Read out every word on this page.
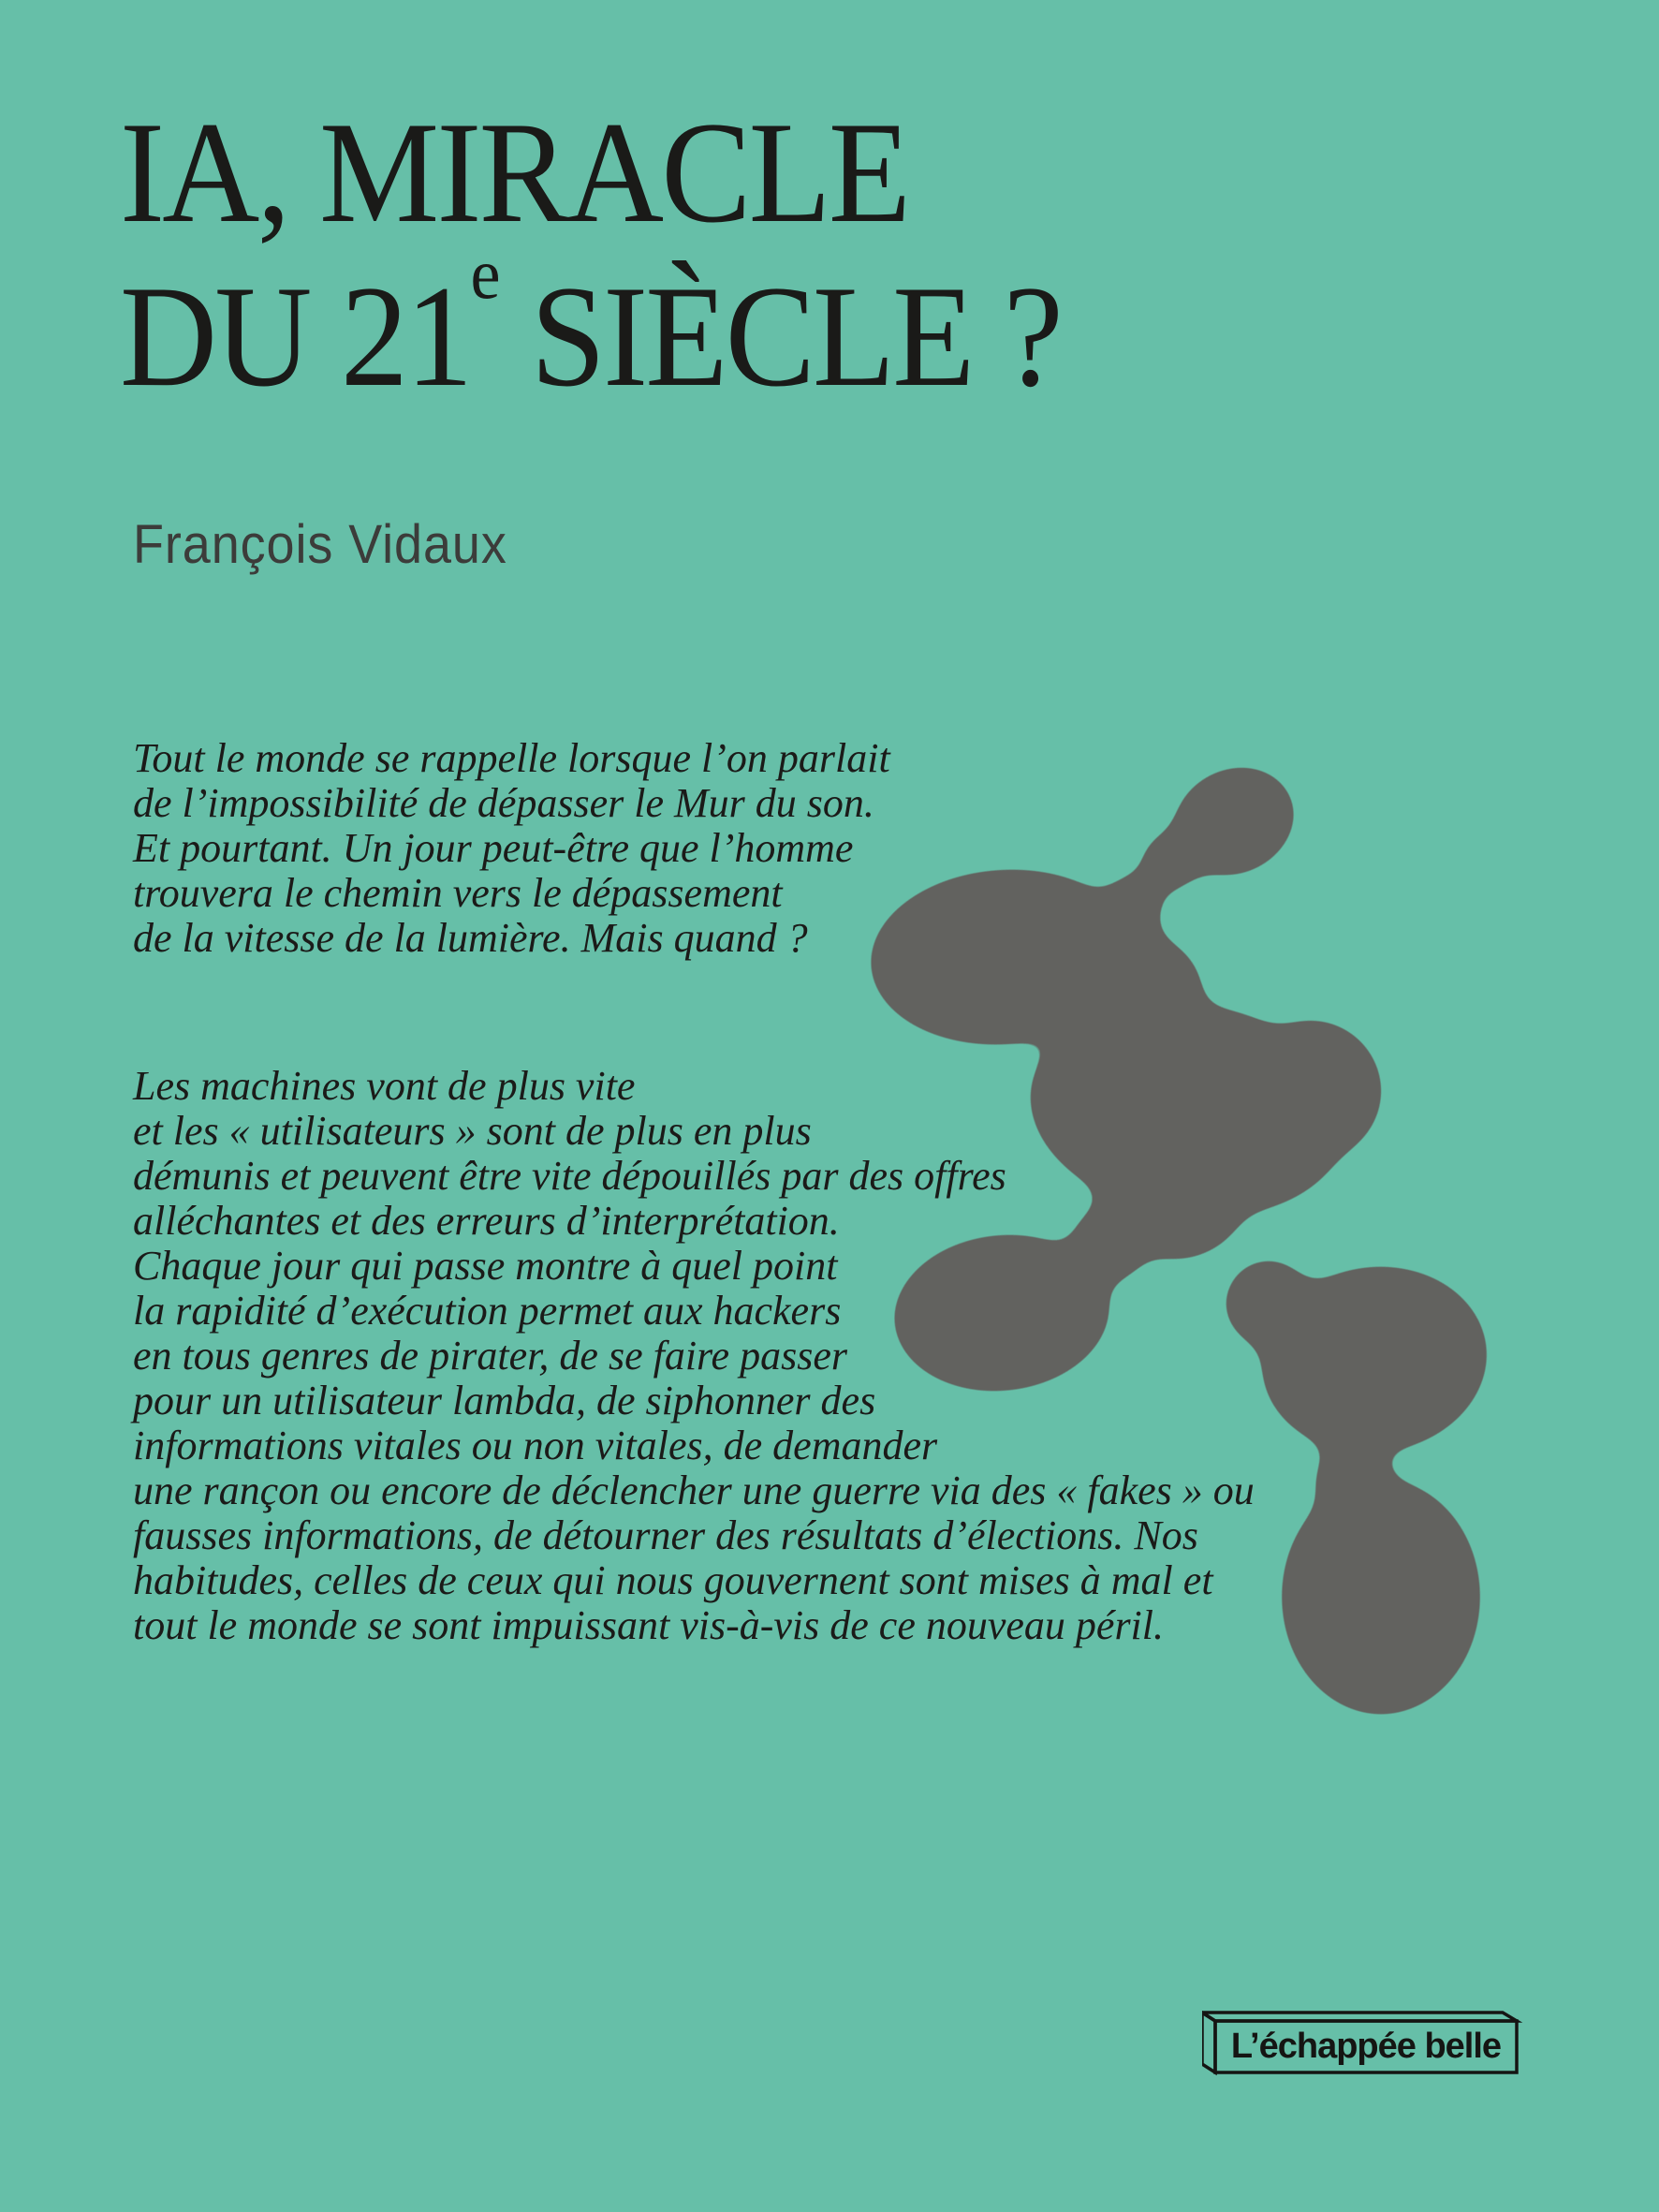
IA, MIRACLE
DU 21e SIÈCLE ?
François Vidaux
Tout le monde se rappelle lorsque l’on parlait
de l’impossibilité de dépasser le Mur du son.
Et pourtant. Un jour peut-être que l’homme
trouvera le chemin vers le dépassement
de la vitesse de la lumière. Mais quand ?
Les machines vont de plus vite
et les « utilisateurs » sont de plus en plus
démunis et peuvent être vite dépouillés par des offres
alléchantes et des erreurs d’interprétation.
Chaque jour qui passe montre à quel point
la rapidité d’exécution permet aux hackers
en tous genres de pirater, de se faire passer
pour un utilisateur lambda, de siphonner des
informations vitales ou non vitales, de demander
une rançon ou encore de déclencher une guerre via des « fakes » ou
fausses informations, de détourner des résultats d’élections. Nos
habitudes, celles de ceux qui nous gouvernent sont mises à mal et
tout le monde se sont impuissant vis-à-vis de ce nouveau péril.
L’échappée belle
